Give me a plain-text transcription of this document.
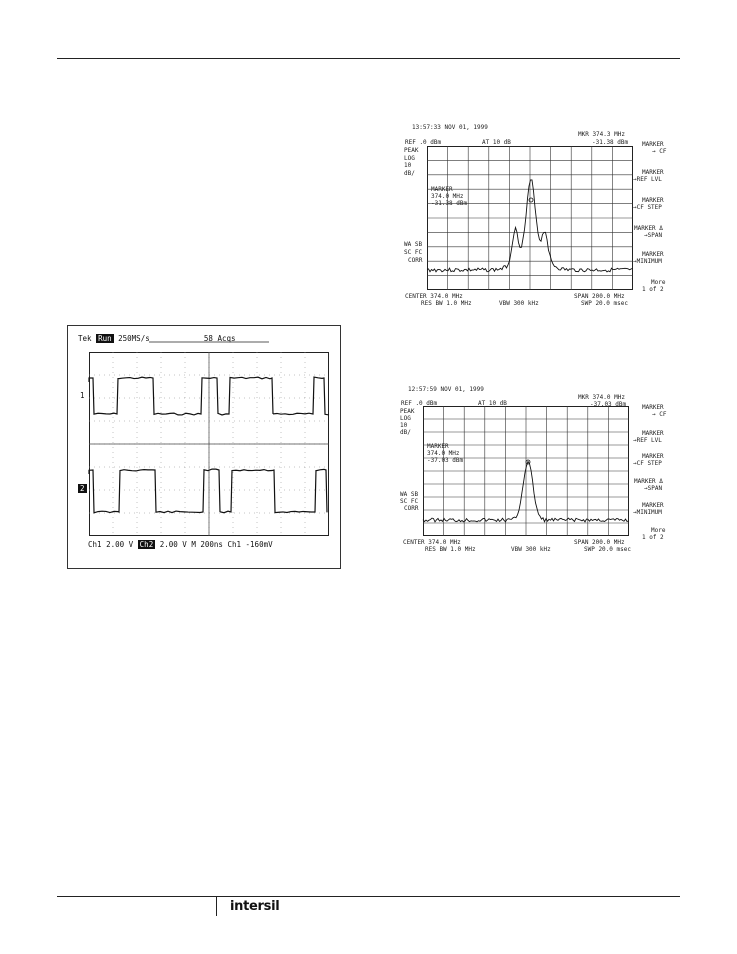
intersil
Tek Run 250MS/s	58 Acqs
1
2
Ch1 2.00 V Ch2 2.00 V M 200ns Ch1 -160mV
13:57:33 NOV 01, 1999
REF .0 dBm	AT 10 dB
MKR 374.3 MHz
-31.38 dBm
PEAK
LOG
10
dB/
WA SB
SC FC
CORR
MARKER
374.0 MHz
-31.38 dBm
MARKER
→ CF
MARKER
→REF LVL
MARKER
→CF STEP
MARKER Δ
→SPAN
MARKER
→MINIMUM
More
1 of 2
CENTER 374.0 MHz	SPAN 200.0 MHz
RES BW 1.0 MHz	VBW 300 kHz	SWP 20.0 msec
12:57:59 NOV 01, 1999
REF .0 dBm	AT 10 dB
MKR 374.0 MHz
-37.03 dBm
PEAK
LOG
10
dB/
WA SB
SC FC
CORR
MARKER
374.0 MHz
-37.03 dBm
MARKER
→ CF
MARKER
→REF LVL
MARKER
→CF STEP
MARKER Δ
→SPAN
MARKER
→MINIMUM
More
1 of 2
CENTER 374.0 MHz	SPAN 200.0 MHz
RES BW 1.0 MHz	VBW 300 kHz	SWP 20.0 msec
